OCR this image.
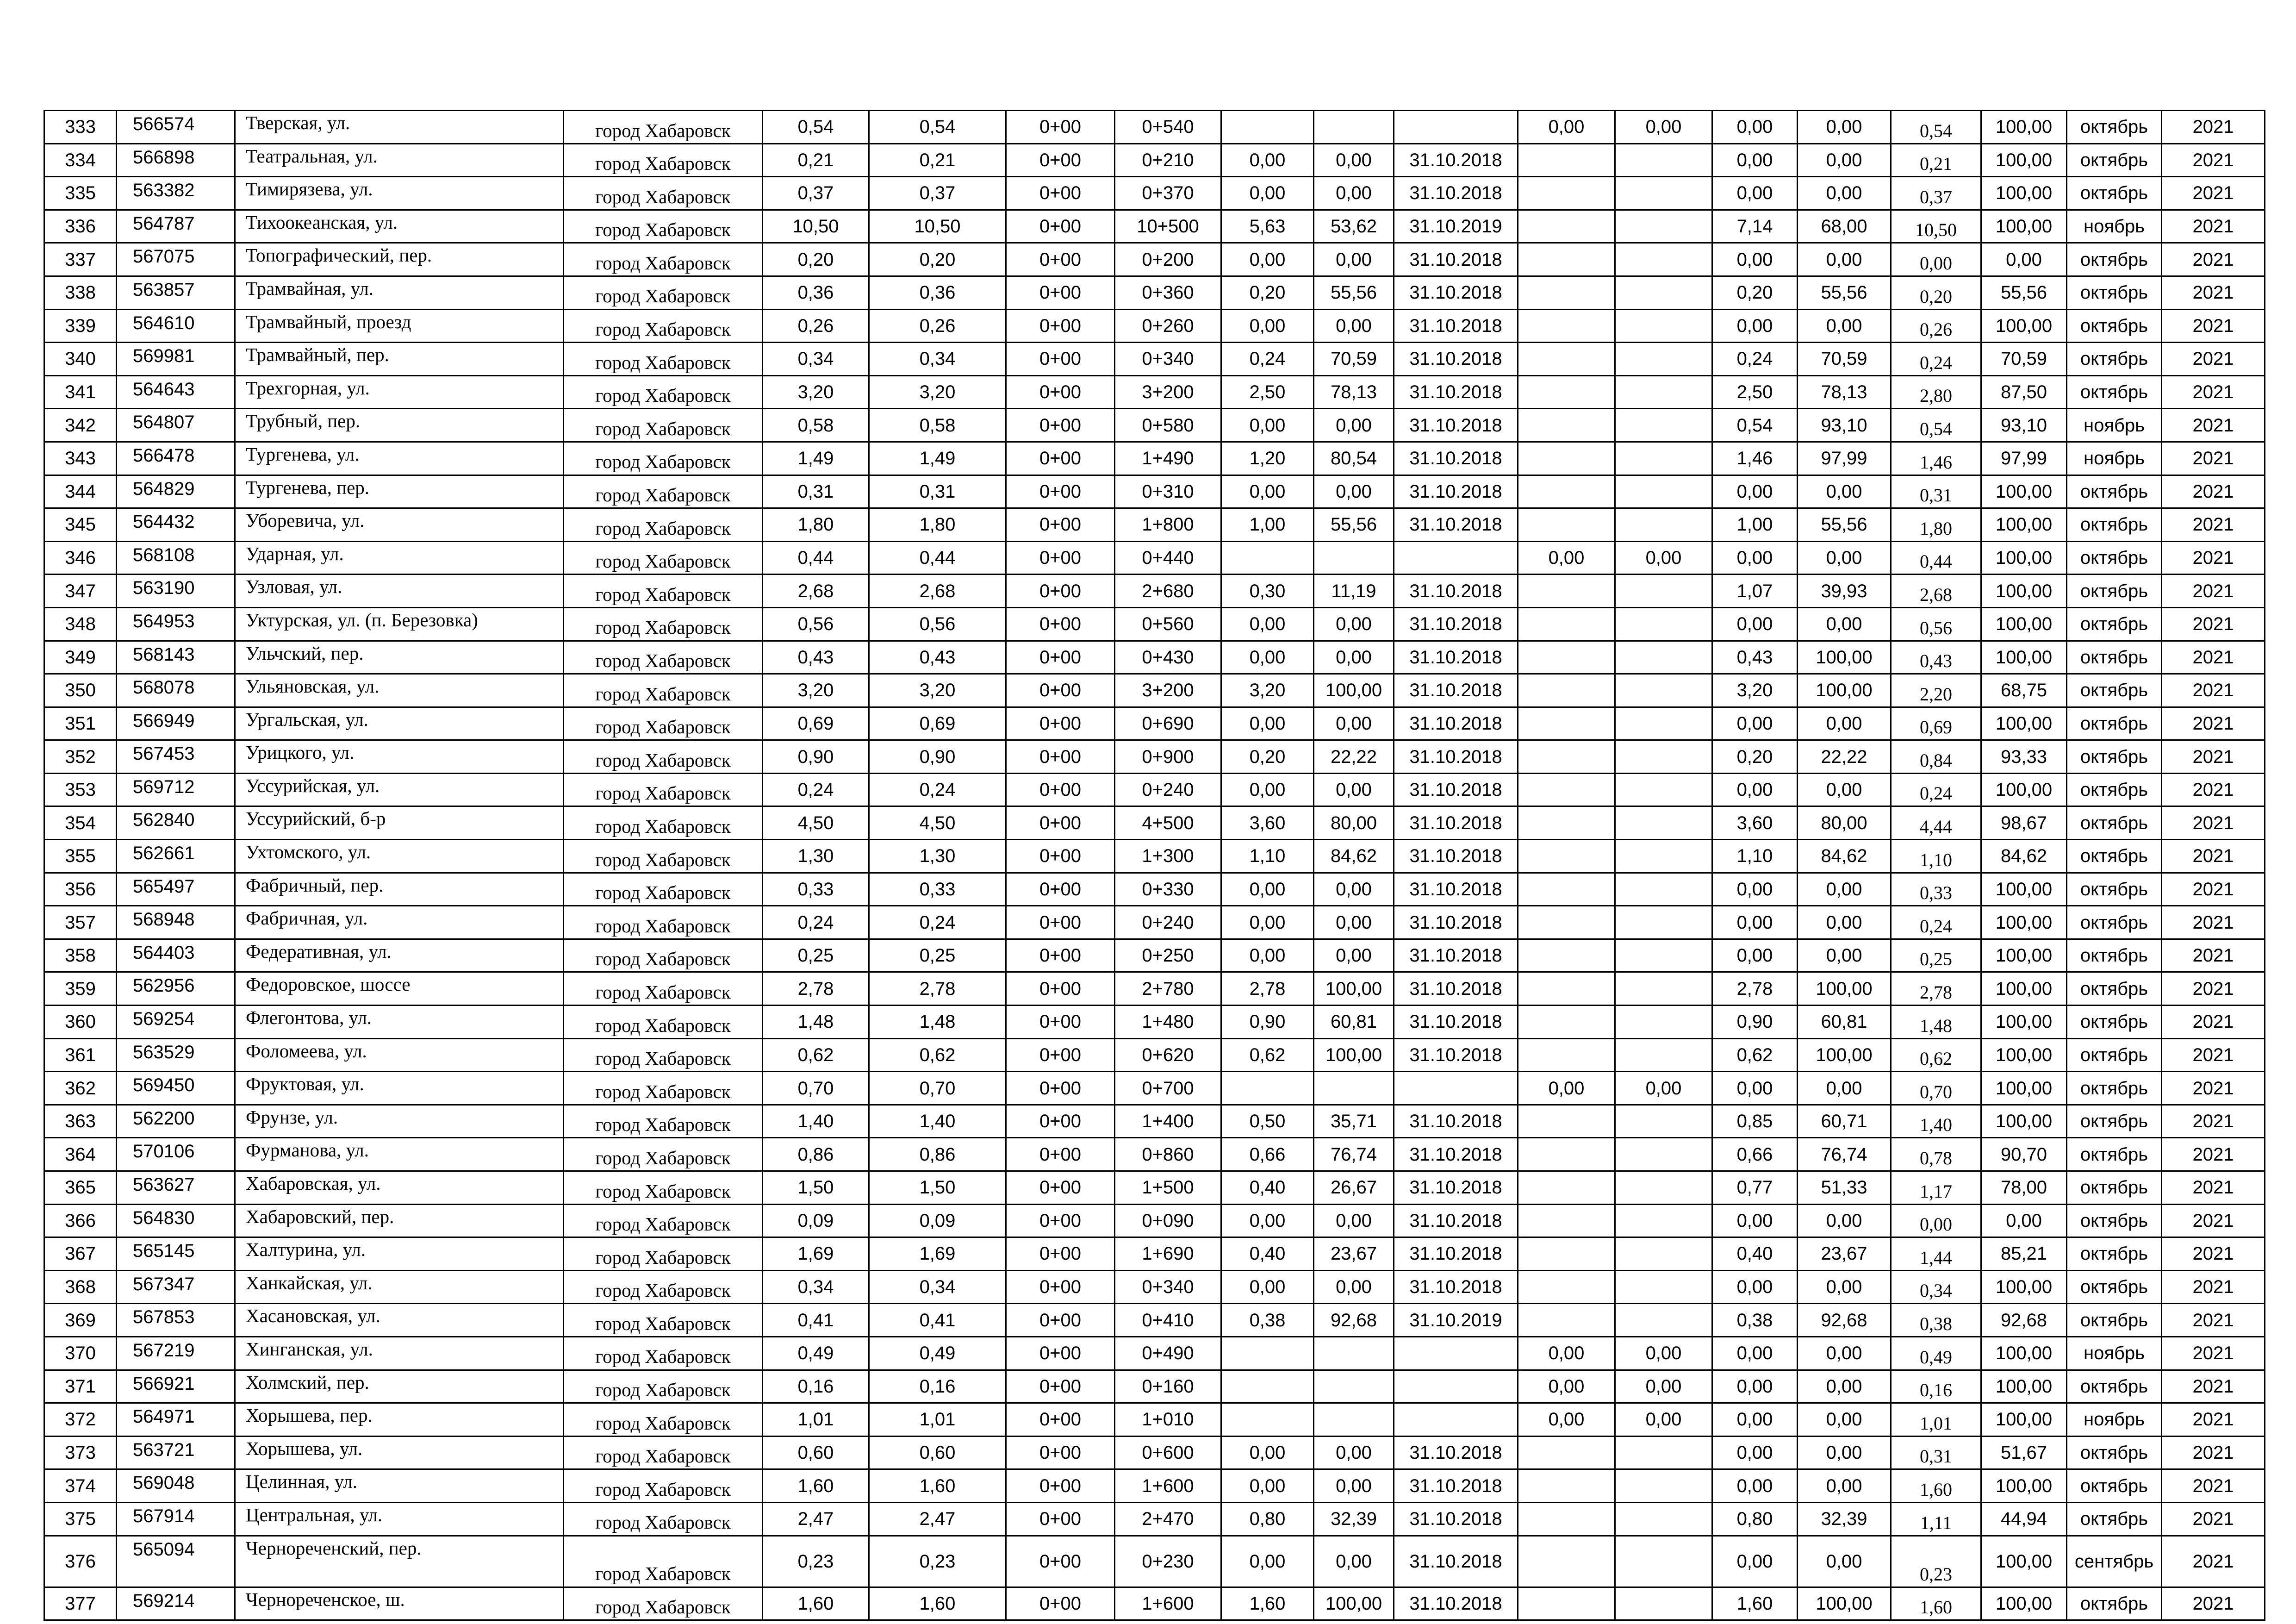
333	566574	Тверская, ул.	город Хабаровск	0,54	0,54	0+00	0+540				0,00	0,00	0,00	0,00	0,54	100,00	октябрь	2021
334	566898	Театральная, ул.	город Хабаровск	0,21	0,21	0+00	0+210	0,00	0,00	31.10.2018			0,00	0,00	0,21	100,00	октябрь	2021
335	563382	Тимирязева, ул.	город Хабаровск	0,37	0,37	0+00	0+370	0,00	0,00	31.10.2018			0,00	0,00	0,37	100,00	октябрь	2021
336	564787	Тихоокеанская, ул.	город Хабаровск	10,50	10,50	0+00	10+500	5,63	53,62	31.10.2019			7,14	68,00	10,50	100,00	ноябрь	2021
337	567075	Топографический, пер.	город Хабаровск	0,20	0,20	0+00	0+200	0,00	0,00	31.10.2018			0,00	0,00	0,00	0,00	октябрь	2021
338	563857	Трамвайная, ул.	город Хабаровск	0,36	0,36	0+00	0+360	0,20	55,56	31.10.2018			0,20	55,56	0,20	55,56	октябрь	2021
339	564610	Трамвайный, проезд	город Хабаровск	0,26	0,26	0+00	0+260	0,00	0,00	31.10.2018			0,00	0,00	0,26	100,00	октябрь	2021
340	569981	Трамвайный, пер.	город Хабаровск	0,34	0,34	0+00	0+340	0,24	70,59	31.10.2018			0,24	70,59	0,24	70,59	октябрь	2021
341	564643	Трехгорная, ул.	город Хабаровск	3,20	3,20	0+00	3+200	2,50	78,13	31.10.2018			2,50	78,13	2,80	87,50	октябрь	2021
342	564807	Трубный, пер.	город Хабаровск	0,58	0,58	0+00	0+580	0,00	0,00	31.10.2018			0,54	93,10	0,54	93,10	ноябрь	2021
343	566478	Тургенева, ул.	город Хабаровск	1,49	1,49	0+00	1+490	1,20	80,54	31.10.2018			1,46	97,99	1,46	97,99	ноябрь	2021
344	564829	Тургенева, пер.	город Хабаровск	0,31	0,31	0+00	0+310	0,00	0,00	31.10.2018			0,00	0,00	0,31	100,00	октябрь	2021
345	564432	Уборевича, ул.	город Хабаровск	1,80	1,80	0+00	1+800	1,00	55,56	31.10.2018			1,00	55,56	1,80	100,00	октябрь	2021
346	568108	Ударная, ул.	город Хабаровск	0,44	0,44	0+00	0+440				0,00	0,00	0,00	0,00	0,44	100,00	октябрь	2021
347	563190	Узловая, ул.	город Хабаровск	2,68	2,68	0+00	2+680	0,30	11,19	31.10.2018			1,07	39,93	2,68	100,00	октябрь	2021
348	564953	Уктурская, ул. (п. Березовка)	город Хабаровск	0,56	0,56	0+00	0+560	0,00	0,00	31.10.2018			0,00	0,00	0,56	100,00	октябрь	2021
349	568143	Ульчский, пер.	город Хабаровск	0,43	0,43	0+00	0+430	0,00	0,00	31.10.2018			0,43	100,00	0,43	100,00	октябрь	2021
350	568078	Ульяновская, ул.	город Хабаровск	3,20	3,20	0+00	3+200	3,20	100,00	31.10.2018			3,20	100,00	2,20	68,75	октябрь	2021
351	566949	Ургальская, ул.	город Хабаровск	0,69	0,69	0+00	0+690	0,00	0,00	31.10.2018			0,00	0,00	0,69	100,00	октябрь	2021
352	567453	Урицкого, ул.	город Хабаровск	0,90	0,90	0+00	0+900	0,20	22,22	31.10.2018			0,20	22,22	0,84	93,33	октябрь	2021
353	569712	Уссурийская, ул.	город Хабаровск	0,24	0,24	0+00	0+240	0,00	0,00	31.10.2018			0,00	0,00	0,24	100,00	октябрь	2021
354	562840	Уссурийский, б-р	город Хабаровск	4,50	4,50	0+00	4+500	3,60	80,00	31.10.2018			3,60	80,00	4,44	98,67	октябрь	2021
355	562661	Ухтомского, ул.	город Хабаровск	1,30	1,30	0+00	1+300	1,10	84,62	31.10.2018			1,10	84,62	1,10	84,62	октябрь	2021
356	565497	Фабричный, пер.	город Хабаровск	0,33	0,33	0+00	0+330	0,00	0,00	31.10.2018			0,00	0,00	0,33	100,00	октябрь	2021
357	568948	Фабричная, ул.	город Хабаровск	0,24	0,24	0+00	0+240	0,00	0,00	31.10.2018			0,00	0,00	0,24	100,00	октябрь	2021
358	564403	Федеративная, ул.	город Хабаровск	0,25	0,25	0+00	0+250	0,00	0,00	31.10.2018			0,00	0,00	0,25	100,00	октябрь	2021
359	562956	Федоровское, шоссе	город Хабаровск	2,78	2,78	0+00	2+780	2,78	100,00	31.10.2018			2,78	100,00	2,78	100,00	октябрь	2021
360	569254	Флегонтова, ул.	город Хабаровск	1,48	1,48	0+00	1+480	0,90	60,81	31.10.2018			0,90	60,81	1,48	100,00	октябрь	2021
361	563529	Фоломеева, ул.	город Хабаровск	0,62	0,62	0+00	0+620	0,62	100,00	31.10.2018			0,62	100,00	0,62	100,00	октябрь	2021
362	569450	Фруктовая, ул.	город Хабаровск	0,70	0,70	0+00	0+700				0,00	0,00	0,00	0,00	0,70	100,00	октябрь	2021
363	562200	Фрунзе, ул.	город Хабаровск	1,40	1,40	0+00	1+400	0,50	35,71	31.10.2018			0,85	60,71	1,40	100,00	октябрь	2021
364	570106	Фурманова, ул.	город Хабаровск	0,86	0,86	0+00	0+860	0,66	76,74	31.10.2018			0,66	76,74	0,78	90,70	октябрь	2021
365	563627	Хабаровская, ул.	город Хабаровск	1,50	1,50	0+00	1+500	0,40	26,67	31.10.2018			0,77	51,33	1,17	78,00	октябрь	2021
366	564830	Хабаровский, пер.	город Хабаровск	0,09	0,09	0+00	0+090	0,00	0,00	31.10.2018			0,00	0,00	0,00	0,00	октябрь	2021
367	565145	Халтурина, ул.	город Хабаровск	1,69	1,69	0+00	1+690	0,40	23,67	31.10.2018			0,40	23,67	1,44	85,21	октябрь	2021
368	567347	Ханкайская, ул.	город Хабаровск	0,34	0,34	0+00	0+340	0,00	0,00	31.10.2018			0,00	0,00	0,34	100,00	октябрь	2021
369	567853	Хасановская, ул.	город Хабаровск	0,41	0,41	0+00	0+410	0,38	92,68	31.10.2019			0,38	92,68	0,38	92,68	октябрь	2021
370	567219	Хинганская, ул.	город Хабаровск	0,49	0,49	0+00	0+490				0,00	0,00	0,00	0,00	0,49	100,00	ноябрь	2021
371	566921	Холмский, пер.	город Хабаровск	0,16	0,16	0+00	0+160				0,00	0,00	0,00	0,00	0,16	100,00	октябрь	2021
372	564971	Хорышева, пер.	город Хабаровск	1,01	1,01	0+00	1+010				0,00	0,00	0,00	0,00	1,01	100,00	ноябрь	2021
373	563721	Хорышева, ул.	город Хабаровск	0,60	0,60	0+00	0+600	0,00	0,00	31.10.2018			0,00	0,00	0,31	51,67	октябрь	2021
374	569048	Целинная, ул.	город Хабаровск	1,60	1,60	0+00	1+600	0,00	0,00	31.10.2018			0,00	0,00	1,60	100,00	октябрь	2021
375	567914	Центральная, ул.	город Хабаровск	2,47	2,47	0+00	2+470	0,80	32,39	31.10.2018			0,80	32,39	1,11	44,94	октябрь	2021
376	565094	Чернореченский, пер.	город Хабаровск	0,23	0,23	0+00	0+230	0,00	0,00	31.10.2018			0,00	0,00	0,23	100,00	сентябрь	2021
377	569214	Чернореченское, ш.	город Хабаровск	1,60	1,60	0+00	1+600	1,60	100,00	31.10.2018			1,60	100,00	1,60	100,00	октябрь	2021
